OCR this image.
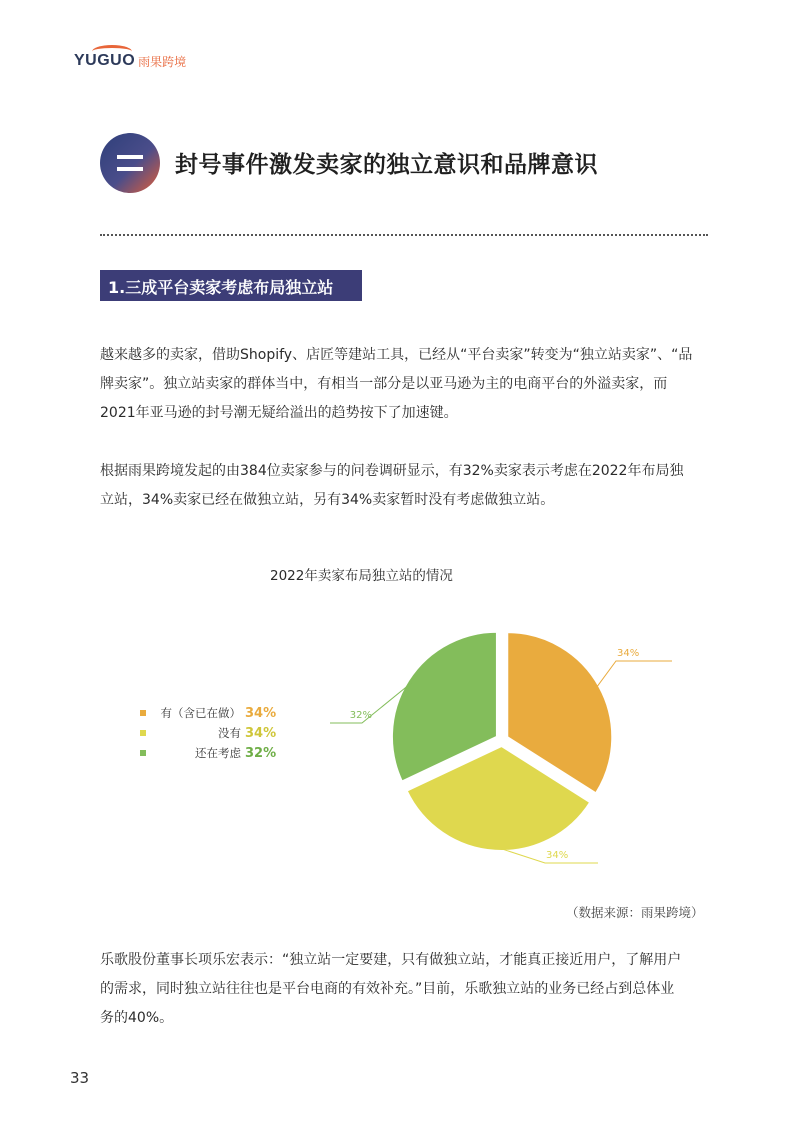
YUGUO 雨果跨境
封号事件激发卖家的独立意识和品牌意识
1.三成平台卖家考虑布局独立站
越来越多的卖家，借助Shopify、店匠等建站工具，已经从“平台卖家”转变为“独立站卖家”、“品
牌卖家”。独立站卖家的群体当中，有相当一部分是以亚马逊为主的电商平台的外溢卖家，而
2021年亚马逊的封号潮无疑给溢出的趋势按下了加速键。
根据雨果跨境发起的由384位卖家参与的问卷调研显示，有32%卖家表示考虑在2022年布局独
立站，34%卖家已经在做独立站，另有34%卖家暂时没有考虑做独立站。
2022年卖家布局独立站的情况
有（含已在做） 34%
没有 34%
还在考虑 32%
34%
34%
32%
（数据来源：雨果跨境）
乐歌股份董事长项乐宏表示：“独立站一定要建，只有做独立站，才能真正接近用户，了解用户
的需求，同时独立站往往也是平台电商的有效补充。”目前，乐歌独立站的业务已经占到总体业
务的40%。
33
